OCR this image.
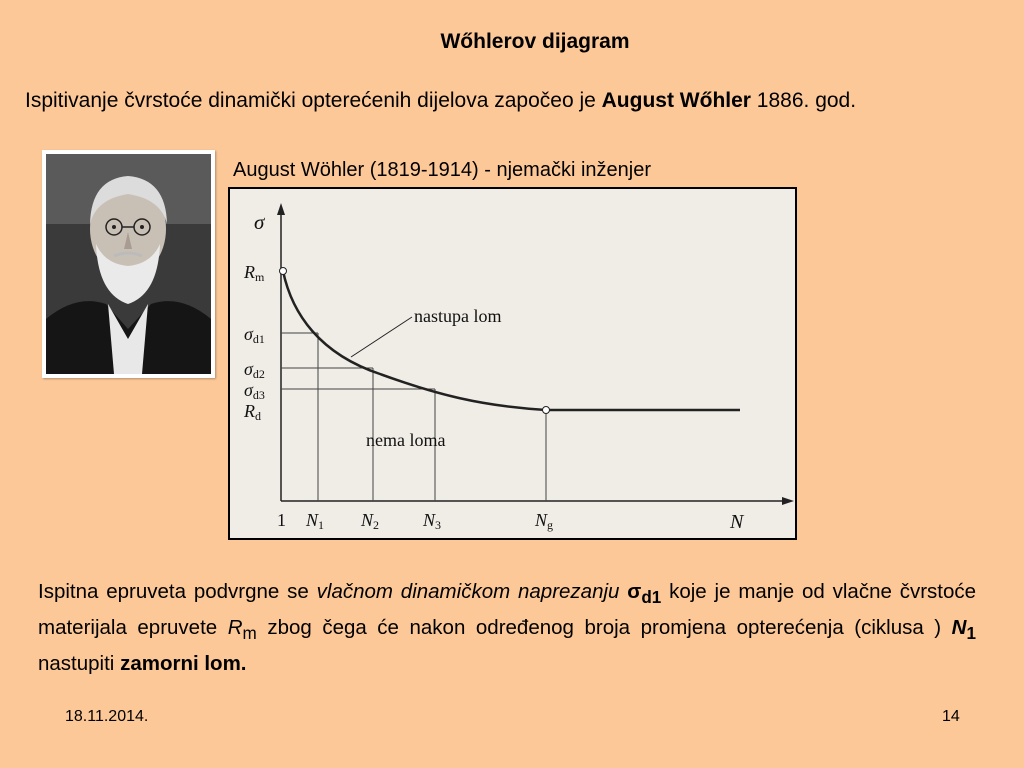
Wőhlerov dijagram
Ispitivanje čvrstoće dinamički opterećenih dijelova započeo je August Wőhler 1886. god.
August Wöhler (1819-1914) - njemački inženjer
nastupa lom
nema loma
σ
Rm
σd1
σd2
σd3
Rd
1 N1 N2 N3	Ng	N
Ispitna epruveta podvrgne se vlačnom dinamičkom naprezanju $\sigma_{d1}$ koje je manje od vlačne čvrstoće materijala epruvete $R_m$ zbog čega će nakon određenog broja promjena opterećenja (ciklusa ) $N_1$ nastupiti zamorni lom.
18.11.2014.	14
